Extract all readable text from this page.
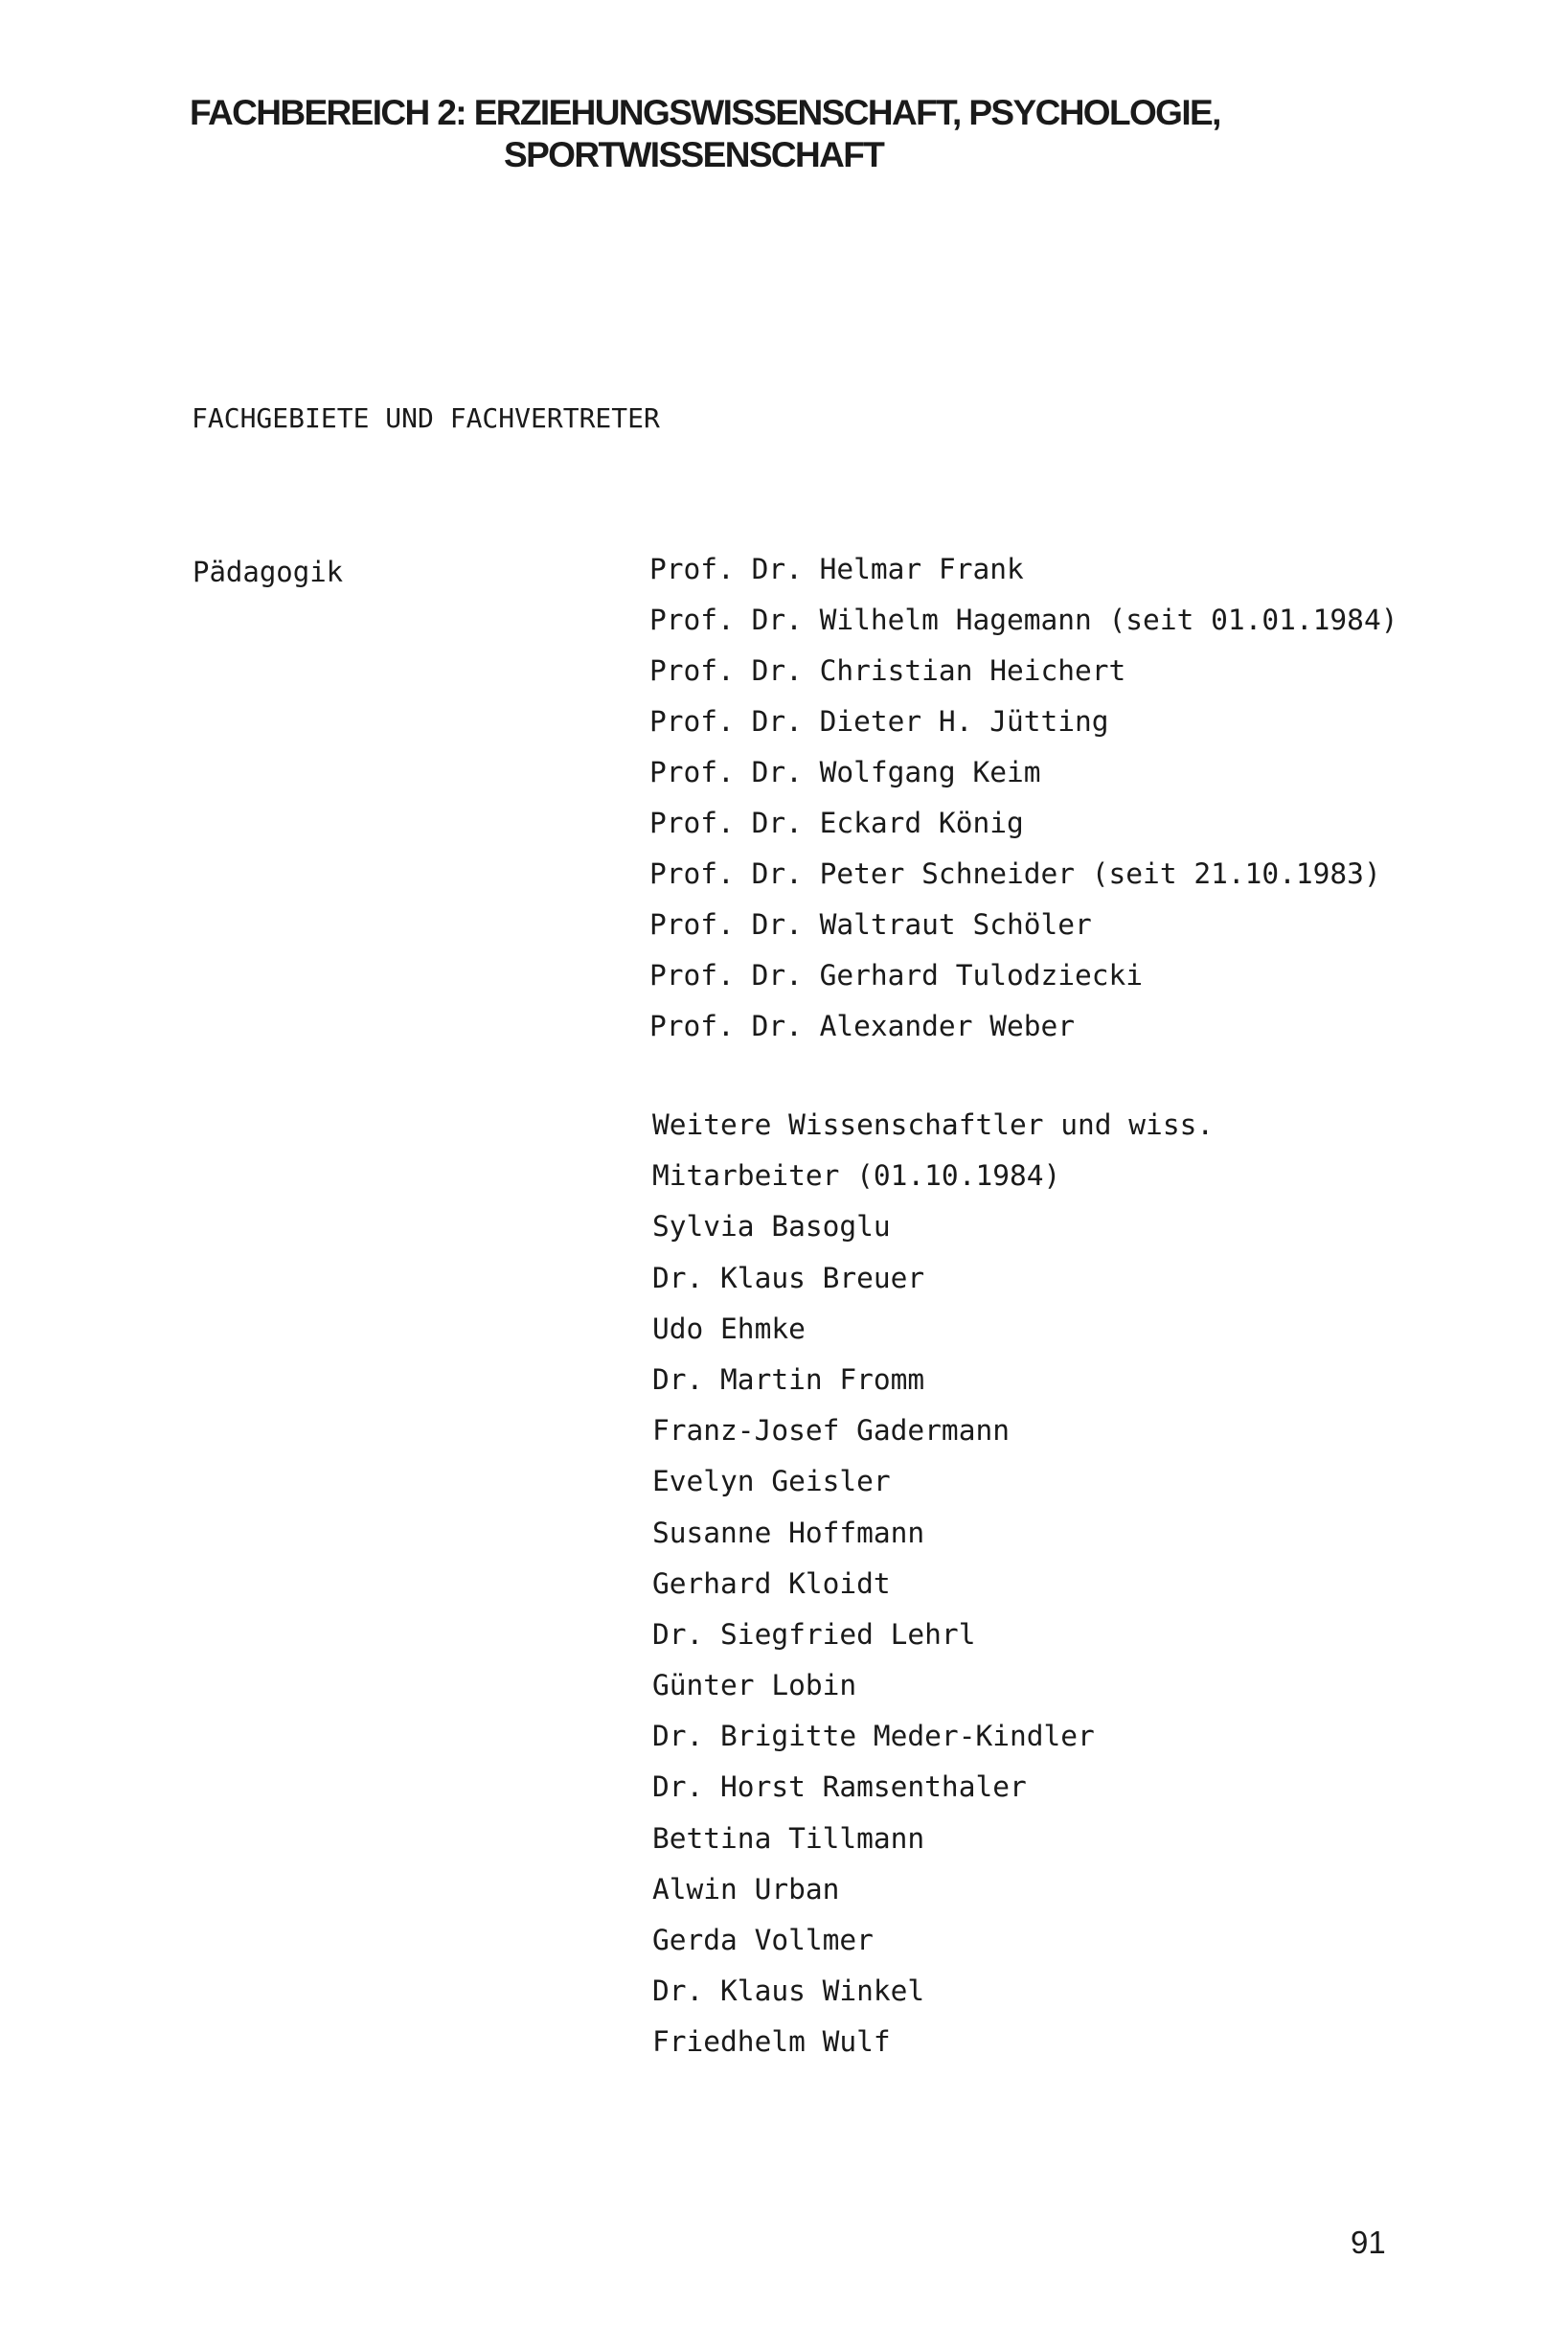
FACHBEREICH 2: ERZIEHUNGSWISSENSCHAFT, PSYCHOLOGIE,
SPORTWISSENSCHAFT
FACHGEBIETE UND FACHVERTRETER
Pädagogik	Prof. Dr. Helmar Frank
Prof. Dr. Wilhelm Hagemann (seit 01.01.1984)
Prof. Dr. Christian Heichert
Prof. Dr. Dieter H. Jütting
Prof. Dr. Wolfgang Keim
Prof. Dr. Eckard König
Prof. Dr. Peter Schneider (seit 21.10.1983)
Prof. Dr. Waltraut Schöler
Prof. Dr. Gerhard Tulodziecki
Prof. Dr. Alexander Weber
Weitere Wissenschaftler und wiss.
Mitarbeiter (01.10.1984)
Sylvia Basoglu
Dr. Klaus Breuer
Udo Ehmke
Dr. Martin Fromm
Franz-Josef Gadermann
Evelyn Geisler
Susanne Hoffmann
Gerhard Kloidt
Dr. Siegfried Lehrl
Günter Lobin
Dr. Brigitte Meder-Kindler
Dr. Horst Ramsenthaler
Bettina Tillmann
Alwin Urban
Gerda Vollmer
Dr. Klaus Winkel
Friedhelm Wulf
91
